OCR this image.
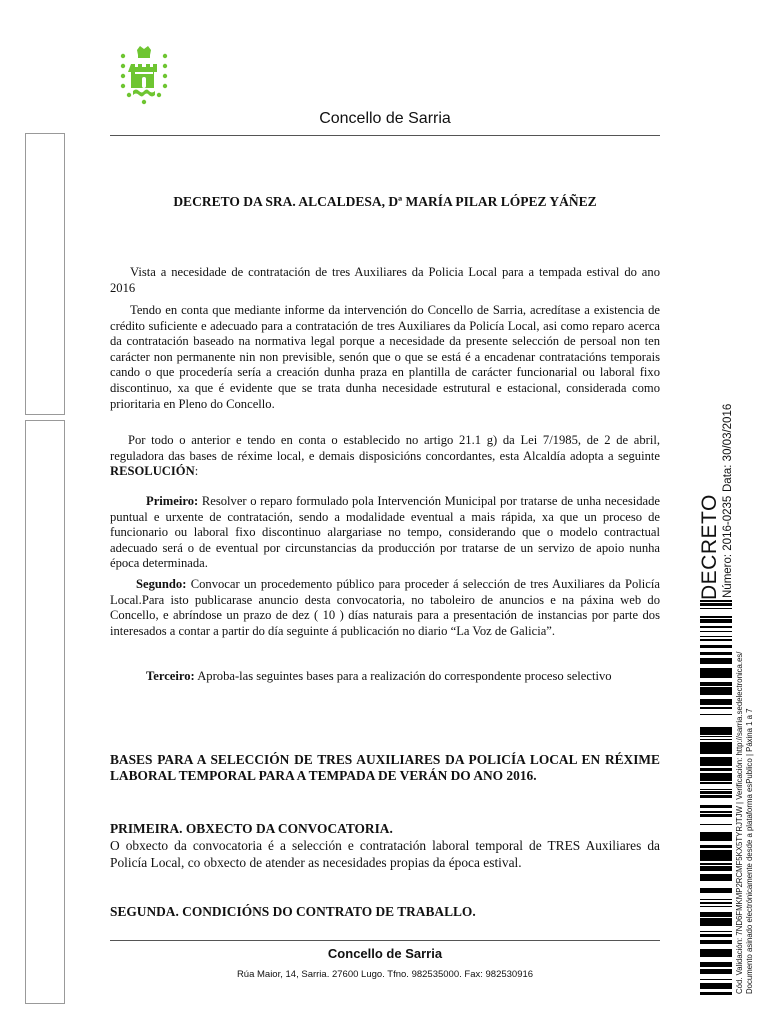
Concello de Sarria
DECRETO DA SRA. ALCALDESA, Dª MARÍA PILAR LÓPEZ YÁÑEZ
Vista a necesidade de contratación de tres Auxiliares da Policia Local para a tempada estival do ano 2016
Tendo en conta que mediante informe da intervención do Concello de Sarria, acredítase a existencia de crédito suficiente e adecuado para a contratación de tres Auxiliares da Policía Local, asi como reparo acerca da contratación baseado na normativa legal porque a necesidade da presente selección de persoal non ten carácter non permanente nin non previsible, senón que o que se está é a encadenar contratacións temporais cando o que procedería sería a creación dunha praza en plantilla de carácter funcionarial ou laboral fixo discontinuo, xa que é evidente que se trata dunha necesidade estrutural e estacional, considerada como prioritaria en Pleno do Concello.
Por todo o anterior e tendo en conta o establecido no artigo 21.1 g) da Lei 7/1985, de 2 de abril, reguladora das bases de réxime local, e demais disposicións concordantes, esta Alcaldía adopta a seguinte RESOLUCIÓN:
Primeiro: Resolver o reparo formulado pola Intervención Municipal por tratarse de unha necesidade puntual e urxente de contratación, sendo a modalidade eventual a mais rápida, xa que un proceso de funcionario ou laboral fixo discontinuo alargariase no tempo, considerando que o modelo contractual adecuado será o de eventual por circunstancias da producción por tratarse de un servizo de apoio nunha época determinada.
Segundo: Convocar un procedemento público para proceder á selección de tres Auxiliares da Policía Local.Para isto publicarase anuncio desta convocatoria, no taboleiro de anuncios e na páxina web do Concello, e abríndose un prazo de dez ( 10 ) días naturais para a presentación de instancias por parte dos interesados a contar a partir do día seguinte á publicación no diario “La Voz de Galicia”.
Terceiro: Aproba-las seguintes bases para a realización do correspondente proceso selectivo
BASES PARA A SELECCIÓN DE TRES AUXILIARES DA POLICÍA LOCAL EN RÉXIME LABORAL TEMPORAL PARA A TEMPADA DE VERÁN DO ANO 2016.
PRIMEIRA. OBXECTO DA CONVOCATORIA.
O obxecto da convocatoria é a selección e contratación laboral temporal de TRES Auxiliares da Policía Local, co obxecto de atender as necesidades propias da época estival.
SEGUNDA. CONDICIÓNS DO CONTRATO DE TRABALLO.
Concello de Sarria
Rúa Maior, 14, Sarria. 27600 Lugo. Tfno. 982535000. Fax: 982530916
DECRETO Número: 2016-0235
Data: 30/03/2016
Cód. Validación: 7ND6FMKMP2RCMF5KX5TYRJTJW | Verificación: http://sarria.sedelectronica.es/ Documento asinado electrónicamente desde a plataforma esPublico | Páxina 1 a 7
